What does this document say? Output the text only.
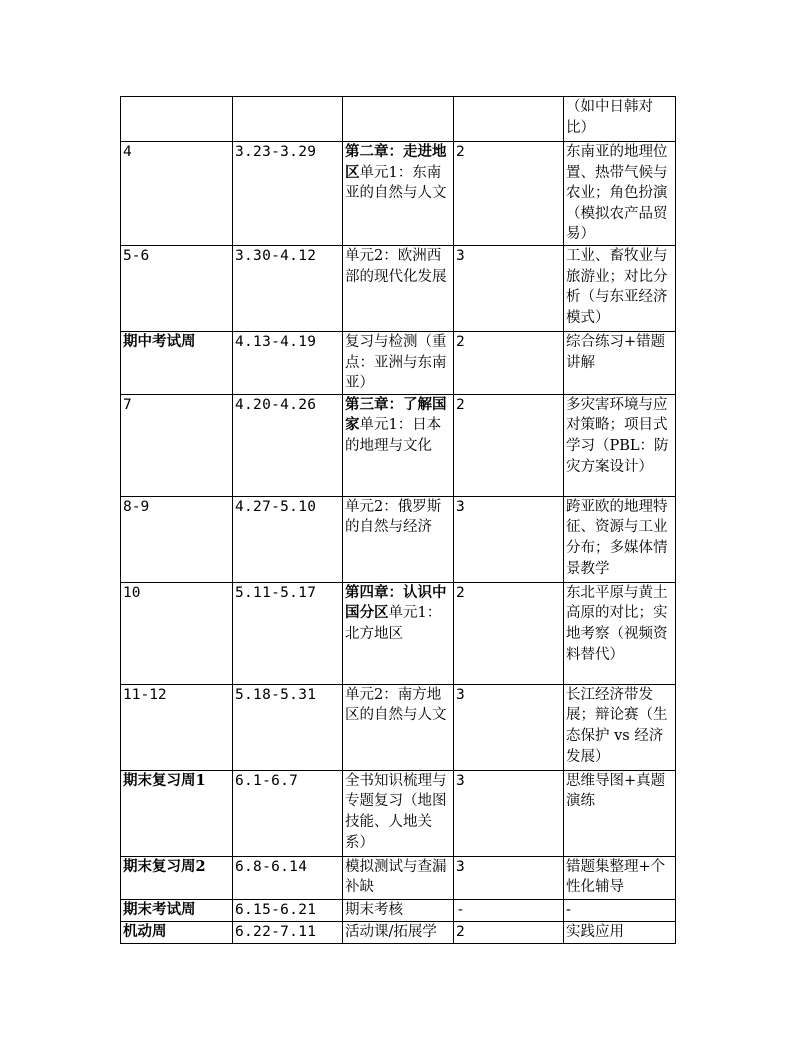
				（如中日韩对比）
4	3.23-3.29	第二章：走进地区单元1：东南亚的自然与人文	2	东南亚的地理位置、热带气候与农业；角色扮演（模拟农产品贸易）
5-6	3.30-4.12	单元2：欧洲西部的现代化发展	3	工业、畜牧业与旅游业；对比分析（与东亚经济模式）
期中考试周	4.13-4.19	复习与检测（重点：亚洲与东南亚）	2	综合练习+错题讲解
7	4.20-4.26	第三章：了解国家单元1：日本的地理与文化	2	多灾害环境与应对策略；项目式学习（PBL：防灾方案设计）
8-9	4.27-5.10	单元2：俄罗斯的自然与经济	3	跨亚欧的地理特征、资源与工业分布；多媒体情景教学
10	5.11-5.17	第四章：认识中国分区单元1：北方地区	2	东北平原与黄土高原的对比；实地考察（视频资料替代）
11-12	5.18-5.31	单元2：南方地区的自然与人文	3	长江经济带发展；辩论赛（生态保护 vs 经济发展）
期末复习周1	6.1-6.7	全书知识梳理与专题复习（地图技能、人地关系）	3	思维导图+真题演练
期末复习周2	6.8-6.14	模拟测试与查漏补缺	3	错题集整理+个性化辅导
期末考试周	6.15-6.21	期末考核	-	-
机动周	6.22-7.11	活动课/拓展学	2	实践应用
